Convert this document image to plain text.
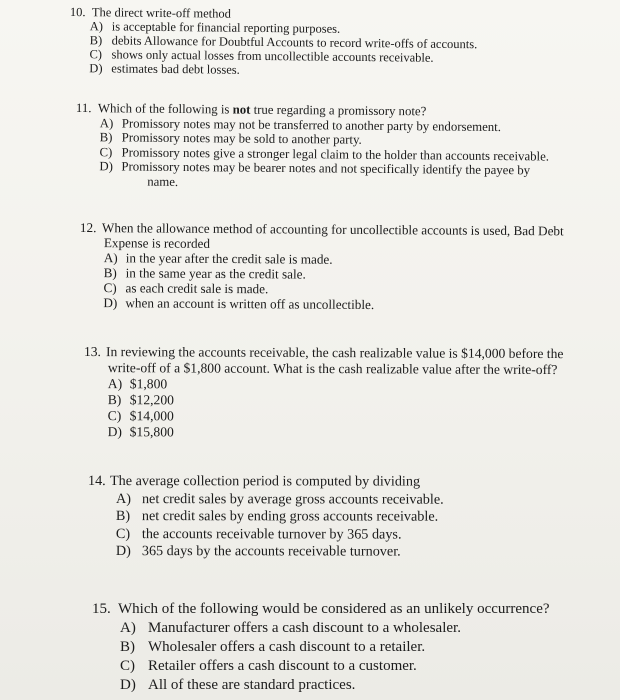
10. The direct write-off method
A) is acceptable for financial reporting purposes.
B) debits Allowance for Doubtful Accounts to record write-offs of accounts.
C) shows only actual losses from uncollectible accounts receivable.
D) estimates bad debt losses.
11. Which of the following is not true regarding a promissory note?
A) Promissory notes may not be transferred to another party by endorsement.
B) Promissory notes may be sold to another party.
C) Promissory notes give a stronger legal claim to the holder than accounts receivable.
D) Promissory notes may be bearer notes and not specifically identify the payee by
name.
12. When the allowance method of accounting for uncollectible accounts is used, Bad Debt
Expense is recorded
A) in the year after the credit sale is made.
B) in the same year as the credit sale.
C) as each credit sale is made.
D) when an account is written off as uncollectible.
13. In reviewing the accounts receivable, the cash realizable value is $14,000 before the
write-off of a $1,800 account. What is the cash realizable value after the write-off?
A) $1,800
B) $12,200
C) $14,000
D) $15,800
14. The average collection period is computed by dividing
A) net credit sales by average gross accounts receivable.
B) net credit sales by ending gross accounts receivable.
C) the accounts receivable turnover by 365 days.
D) 365 days by the accounts receivable turnover.
15. Which of the following would be considered as an unlikely occurrence?
A) Manufacturer offers a cash discount to a wholesaler.
B) Wholesaler offers a cash discount to a retailer.
C) Retailer offers a cash discount to a customer.
D) All of these are standard practices.
